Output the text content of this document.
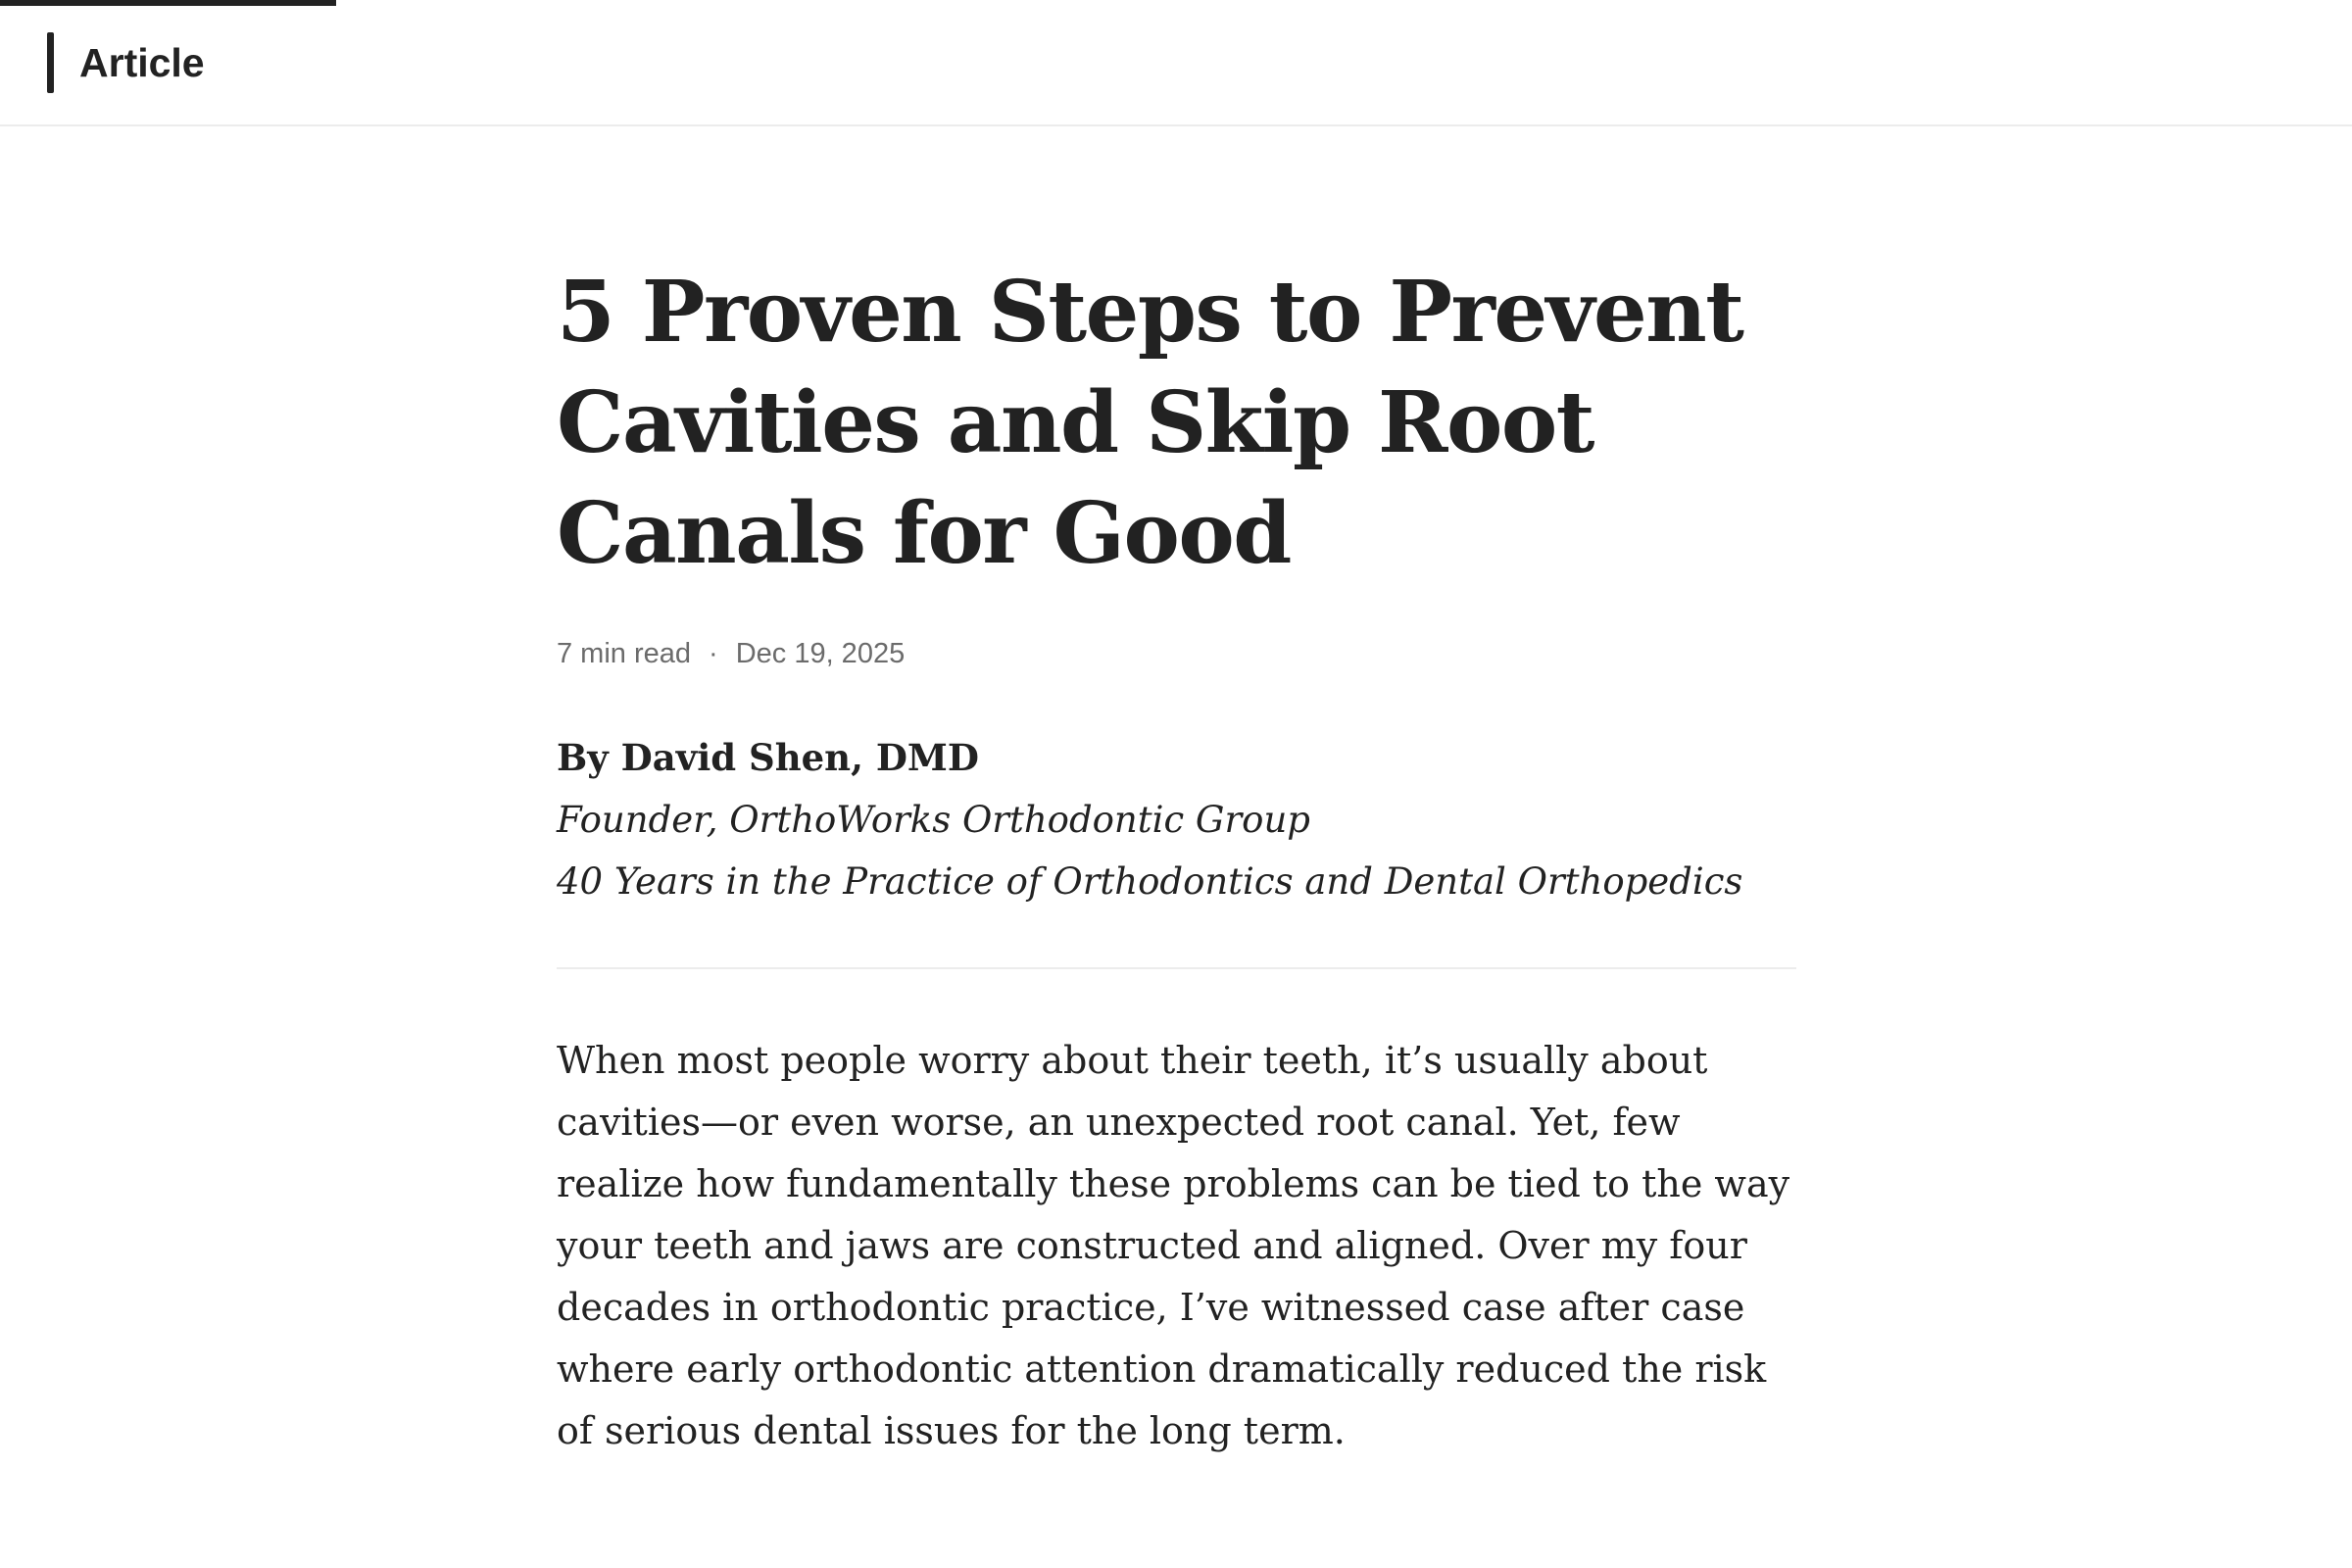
Article
5 Proven Steps to Prevent Cavities and Skip Root Canals for Good
7 min read · Dec 19, 2025
By David Shen, DMD
Founder, OrthoWorks Orthodontic Group
40 Years in the Practice of Orthodontics and Dental Orthopedics

When most people worry about their teeth, it’s usually about cavities—or even worse, an unexpected root canal. Yet, few realize how fundamentally these problems can be tied to the way your teeth and jaws are constructed and aligned. Over my four decades in orthodontic practice, I’ve witnessed case after case where early orthodontic attention dramatically reduced the risk of serious dental issues for the long term.
